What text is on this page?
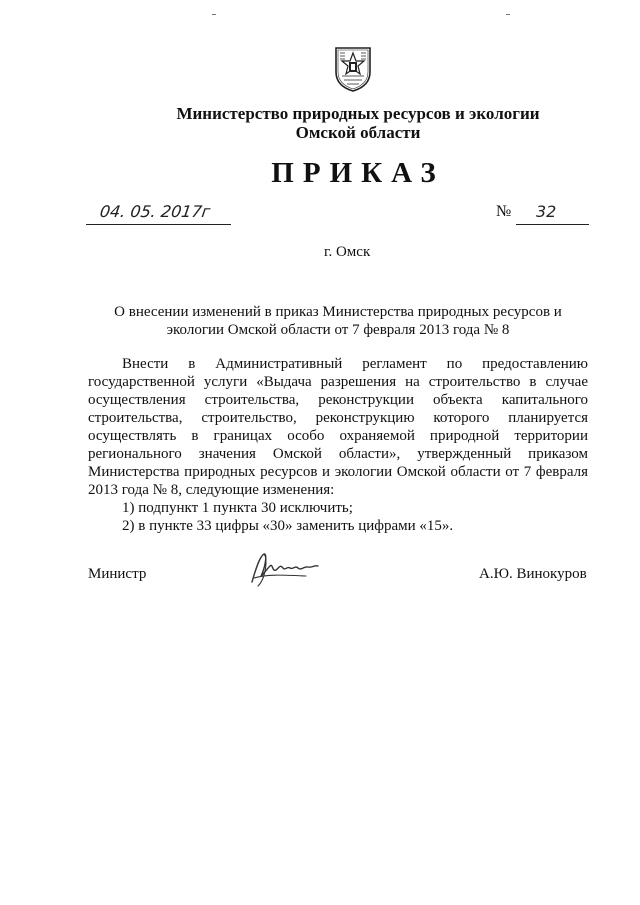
Министерство природных ресурсов и экологии
Омской области
ПРИКАЗ
04. 05. 2017г	№ 32
г. Омск
О внесении изменений в приказ Министерства природных ресурсов и
экологии Омской области от 7 февраля 2013 года № 8
Внести в Административный регламент по предоставлению
государственной услуги «Выдача разрешения на строительство в случае
осуществления строительства, реконструкции объекта капитального
строительства, строительство, реконструкцию которого планируется
осуществлять в границах особо охраняемой природной территории
регионального значения Омской области», утвержденный приказом
Министерства природных ресурсов и экологии Омской области от 7 февраля
2013 года № 8, следующие изменения:
1) подпункт 1 пункта 30 исключить;
2) в пункте 33 цифры «30» заменить цифрами «15».
Министр	А.Ю. Винокуров
